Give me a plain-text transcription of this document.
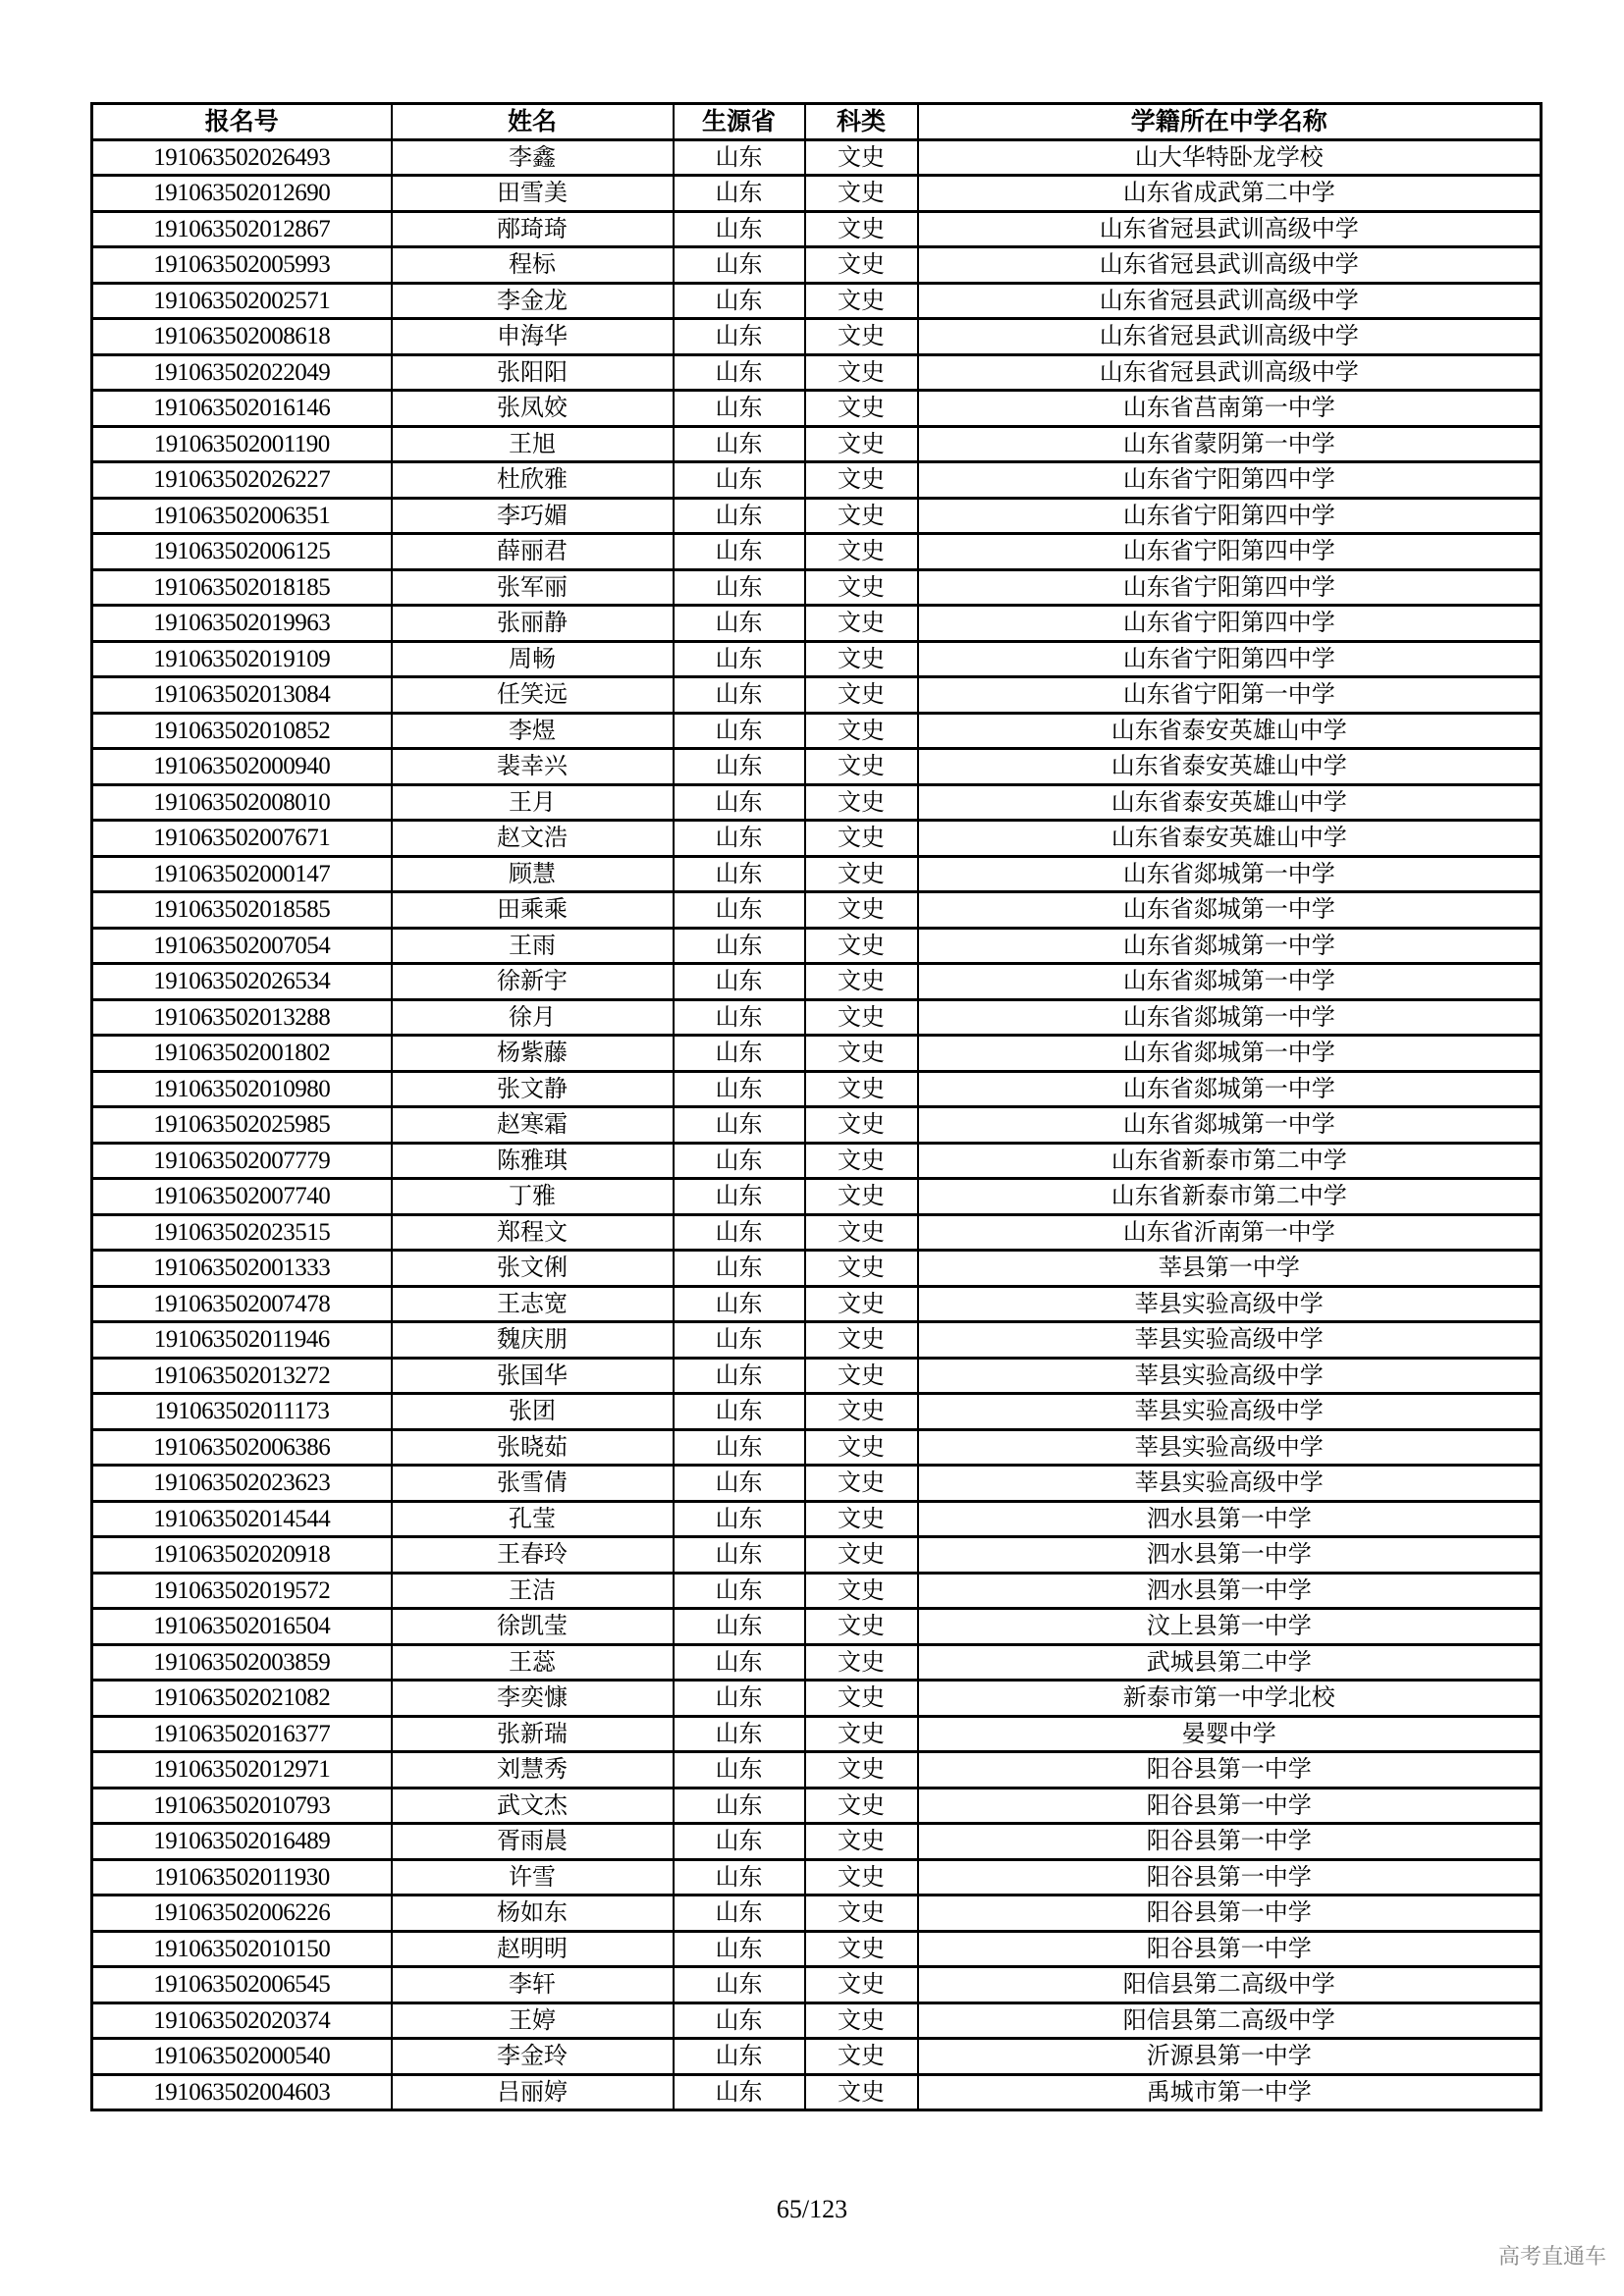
报名号	姓名	生源省	科类	学籍所在中学名称
191063502026493	李鑫	山东	文史	山大华特卧龙学校
191063502012690	田雪美	山东	文史	山东省成武第二中学
191063502012867	邴琦琦	山东	文史	山东省冠县武训高级中学
191063502005993	程标	山东	文史	山东省冠县武训高级中学
191063502002571	李金龙	山东	文史	山东省冠县武训高级中学
191063502008618	申海华	山东	文史	山东省冠县武训高级中学
191063502022049	张阳阳	山东	文史	山东省冠县武训高级中学
191063502016146	张凤姣	山东	文史	山东省莒南第一中学
191063502001190	王旭	山东	文史	山东省蒙阴第一中学
191063502026227	杜欣雅	山东	文史	山东省宁阳第四中学
191063502006351	李巧媚	山东	文史	山东省宁阳第四中学
191063502006125	薛丽君	山东	文史	山东省宁阳第四中学
191063502018185	张军丽	山东	文史	山东省宁阳第四中学
191063502019963	张丽静	山东	文史	山东省宁阳第四中学
191063502019109	周畅	山东	文史	山东省宁阳第四中学
191063502013084	任笑远	山东	文史	山东省宁阳第一中学
191063502010852	李煜	山东	文史	山东省泰安英雄山中学
191063502000940	裴幸兴	山东	文史	山东省泰安英雄山中学
191063502008010	王月	山东	文史	山东省泰安英雄山中学
191063502007671	赵文浩	山东	文史	山东省泰安英雄山中学
191063502000147	顾慧	山东	文史	山东省郯城第一中学
191063502018585	田乘乘	山东	文史	山东省郯城第一中学
191063502007054	王雨	山东	文史	山东省郯城第一中学
191063502026534	徐新宇	山东	文史	山东省郯城第一中学
191063502013288	徐月	山东	文史	山东省郯城第一中学
191063502001802	杨紫藤	山东	文史	山东省郯城第一中学
191063502010980	张文静	山东	文史	山东省郯城第一中学
191063502025985	赵寒霜	山东	文史	山东省郯城第一中学
191063502007779	陈雅琪	山东	文史	山东省新泰市第二中学
191063502007740	丁雅	山东	文史	山东省新泰市第二中学
191063502023515	郑程文	山东	文史	山东省沂南第一中学
191063502001333	张文俐	山东	文史	莘县第一中学
191063502007478	王志宽	山东	文史	莘县实验高级中学
191063502011946	魏庆朋	山东	文史	莘县实验高级中学
191063502013272	张国华	山东	文史	莘县实验高级中学
191063502011173	张团	山东	文史	莘县实验高级中学
191063502006386	张晓茹	山东	文史	莘县实验高级中学
191063502023623	张雪倩	山东	文史	莘县实验高级中学
191063502014544	孔莹	山东	文史	泗水县第一中学
191063502020918	王春玲	山东	文史	泗水县第一中学
191063502019572	王洁	山东	文史	泗水县第一中学
191063502016504	徐凯莹	山东	文史	汶上县第一中学
191063502003859	王蕊	山东	文史	武城县第二中学
191063502021082	李奕慷	山东	文史	新泰市第一中学北校
191063502016377	张新瑞	山东	文史	晏婴中学
191063502012971	刘慧秀	山东	文史	阳谷县第一中学
191063502010793	武文杰	山东	文史	阳谷县第一中学
191063502016489	胥雨晨	山东	文史	阳谷县第一中学
191063502011930	许雪	山东	文史	阳谷县第一中学
191063502006226	杨如东	山东	文史	阳谷县第一中学
191063502010150	赵明明	山东	文史	阳谷县第一中学
191063502006545	李轩	山东	文史	阳信县第二高级中学
191063502020374	王婷	山东	文史	阳信县第二高级中学
191063502000540	李金玲	山东	文史	沂源县第一中学
191063502004603	吕丽婷	山东	文史	禹城市第一中学
65/123
高考直通车
